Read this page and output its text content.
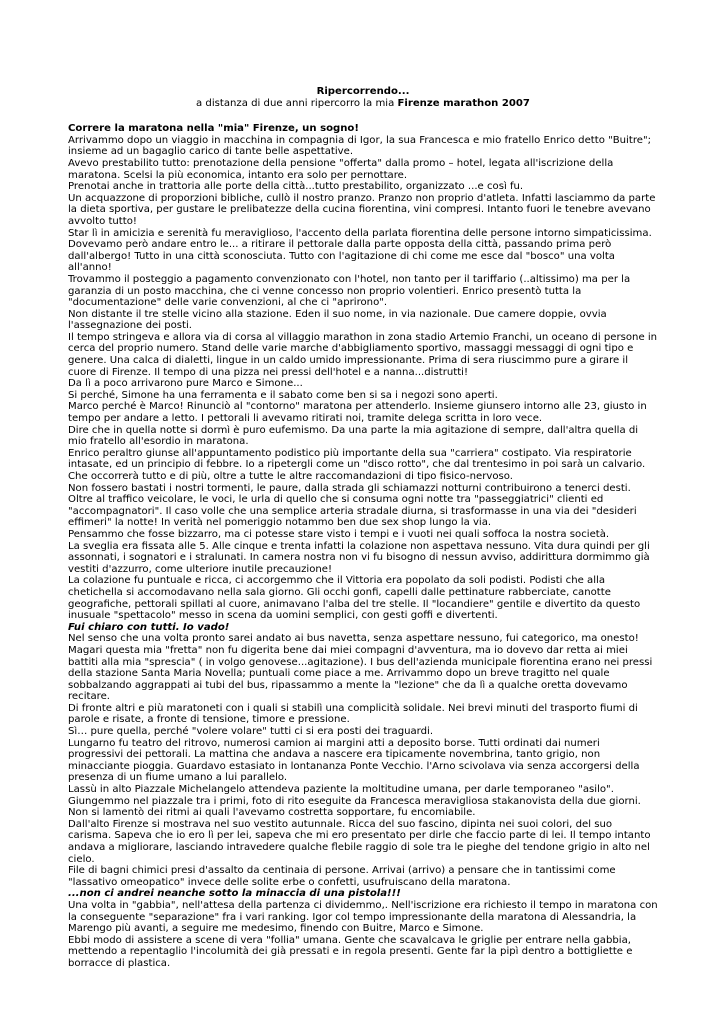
Ripercorrendo...
a distanza di due anni ripercorro la mia Firenze marathon 2007
Correre la maratona nella "mia" Firenze, un sogno!

Arrivammo dopo un viaggio in macchina in compagnia di Igor, la sua Francesca e mio fratello Enrico detto "Buitre"; insieme ad un bagaglio carico di tante belle aspettative.

Avevo prestabilito tutto: prenotazione della pensione "offerta" dalla promo – hotel, legata all'iscrizione della maratona. Scelsi la più economica, intanto era solo per pernottare.

Prenotai anche in trattoria alle porte della città...tutto prestabilito, organizzato ...e così fu.

Un acquazzone di proporzioni bibliche, cullò il nostro pranzo. Pranzo non proprio d'atleta. Infatti lasciammo da parte la dieta sportiva, per gustare le prelibatezze della cucina fiorentina, vini compresi. Intanto fuori le tenebre avevano avvolto tutto!

Star lì in amicizia e serenità fu meraviglioso, l'accento della parlata fiorentina delle persone intorno simpaticissima.

Dovevamo però andare entro le... a ritirare il pettorale dalla parte opposta della città, passando prima però dall'albergo! Tutto in una città sconosciuta. Tutto con l'agitazione di chi come me esce dal "bosco" una volta all'anno!

Trovammo il posteggio a pagamento convenzionato con l'hotel, non tanto per il tariffario (..altissimo) ma per la garanzia di un posto macchina, che ci venne concesso non proprio volentieri. Enrico presentò tutta la "documentazione" delle varie convenzioni, al che ci "aprirono".

Non distante il tre stelle vicino alla stazione. Eden il suo nome, in via nazionale. Due camere doppie, ovvia l'assegnazione dei posti.

Il tempo stringeva e allora via di corsa al villaggio marathon in zona stadio Artemio Franchi, un oceano di persone in cerca del proprio numero. Stand delle varie marche d'abbigliamento sportivo, massaggi messaggi di ogni tipo e genere. Una calca di dialetti, lingue in un caldo umido impressionante. Prima di sera riuscimmo pure a girare il cuore di Firenze. Il tempo di una pizza nei pressi dell'hotel e a nanna...distrutti!

Da lì a poco arrivarono pure Marco e Simone...

Si perché, Simone ha una ferramenta e il sabato come ben si sa i negozi sono aperti.

Marco perché è Marco! Rinunciò al "contorno" maratona per attenderlo. Insieme giunsero intorno alle 23, giusto in tempo per andare a letto. I pettorali li avevamo ritirati noi, tramite delega scritta in loro vece.

Dire che in quella notte si dormì è puro eufemismo. Da una parte la mia agitazione di sempre, dall'altra quella di mio fratello all'esordio in maratona.

Enrico peraltro giunse all'appuntamento podistico più importante della sua "carriera" costipato. Via respiratorie intasate, ed un principio di febbre. Io a ripetergli come un "disco rotto", che dal trentesimo in poi sarà un calvario. Che occorrerà tutto e di più, oltre a tutte le altre raccomandazioni di tipo fisico-nervoso.

Non fossero bastati i nostri tormenti, le paure, dalla strada gli schiamazzi notturni contribuirono a tenerci desti. Oltre al traffico veicolare, le voci, le urla di quello che si consuma ogni notte tra "passeggiatrici" clienti ed "accompagnatori". Il caso volle che una semplice arteria stradale diurna, si trasformasse in una via dei "desideri effimeri" la notte! In verità nel pomeriggio notammo ben due sex shop lungo la via.

Pensammo che fosse bizzarro, ma ci potesse stare visto i tempi e i vuoti nei quali soffoca la nostra società.

La sveglia era fissata alle 5. Alle cinque e trenta infatti la colazione non aspettava nessuno. Vita dura quindi per gli assonnati, i sognatori e i stralunati. In camera nostra non vi fu bisogno di nessun avviso, addirittura dormimmo già vestiti d'azzurro, come ulteriore inutile precauzione!

La colazione fu puntuale e ricca, ci accorgemmo che il Vittoria era popolato da soli podisti. Podisti che alla chetichella si accomodavano nella sala giorno. Gli occhi gonfi, capelli dalle pettinature rabberciate, canotte geografiche, pettorali spillati al cuore, animavano l'alba del tre stelle. Il "locandiere" gentile e divertito da questo inusuale "spettacolo" messo in scena da uomini semplici, con gesti goffi e divertenti.

Fui chiaro con tutti. Io vado!

Nel senso che una volta pronto sarei andato ai bus navetta, senza aspettare nessuno, fui categorico, ma onesto!

Magari questa mia "fretta" non fu digerita bene dai miei compagni d'avventura, ma io dovevo dar retta ai miei battiti alla mia "sprescia" ( in volgo genovese...agitazione). I bus dell'azienda municipale fiorentina erano nei pressi della stazione Santa Maria Novella; puntuali come piace a me. Arrivammo dopo un breve tragitto nel quale sobbalzando aggrappati ai tubi del bus, ripassammo a mente la "lezione" che da lì a qualche oretta dovevamo recitare.

Di fronte altri e più maratoneti con i quali si stabilì una complicità solidale. Nei brevi minuti del trasporto fiumi di parole e risate, a fronte di tensione, timore e pressione.

Sì… pure quella, perché "volere volare" tutti ci si era posti dei traguardi.

Lungarno fu teatro del ritrovo, numerosi camion ai margini atti a deposito borse. Tutti ordinati dai numeri progressivi dei pettorali. La mattina che andava a nascere era tipicamente novembrina, tanto grigio, non minacciante pioggia. Guardavo estasiato in lontananza Ponte Vecchio. l'Arno scivolava via senza accorgersi della presenza di un fiume umano a lui parallelo.

Lassù in alto Piazzale Michelangelo attendeva paziente la moltitudine umana, per darle temporaneo "asilo". Giungemmo nel piazzale tra i primi, foto di rito eseguite da Francesca meravigliosa stakanovista della due giorni. Non si lamentò dei ritmi ai quali l'avevamo costretta sopportare, fu encomiabile.

Dall'alto Firenze si mostrava nel suo vestito autunnale. Ricca del suo fascino, dipinta nei suoi colori, del suo carisma. Sapeva che io ero lì per lei, sapeva che mi ero presentato per dirle che faccio parte di lei. Il tempo intanto andava a migliorare, lasciando intravedere qualche flebile raggio di sole tra le pieghe del tendone grigio in alto nel cielo.

File di bagni chimici presi d'assalto da centinaia di persone. Arrivai (arrivo) a pensare che in tantissimi come "lassativo omeopatico" invece delle solite erbe o confetti, usufruiscano della maratona.

...non ci andrei neanche sotto la minaccia di una pistola!!!

Una volta in "gabbia", nell'attesa della partenza ci dividemmo,. Nell'iscrizione era richiesto il tempo in maratona con la conseguente "separazione" fra i vari ranking. Igor col tempo impressionante della maratona di Alessandria, la Marengo più avanti, a seguire me medesimo, finendo con Buitre, Marco e Simone.

Ebbi modo di assistere a scene di vera "follia" umana. Gente che scavalcava le griglie per entrare nella gabbia, mettendo a repentaglio l'incolumità dei già pressati e in regola presenti. Gente far la pipì dentro a bottigliette e borracce di plastica.
